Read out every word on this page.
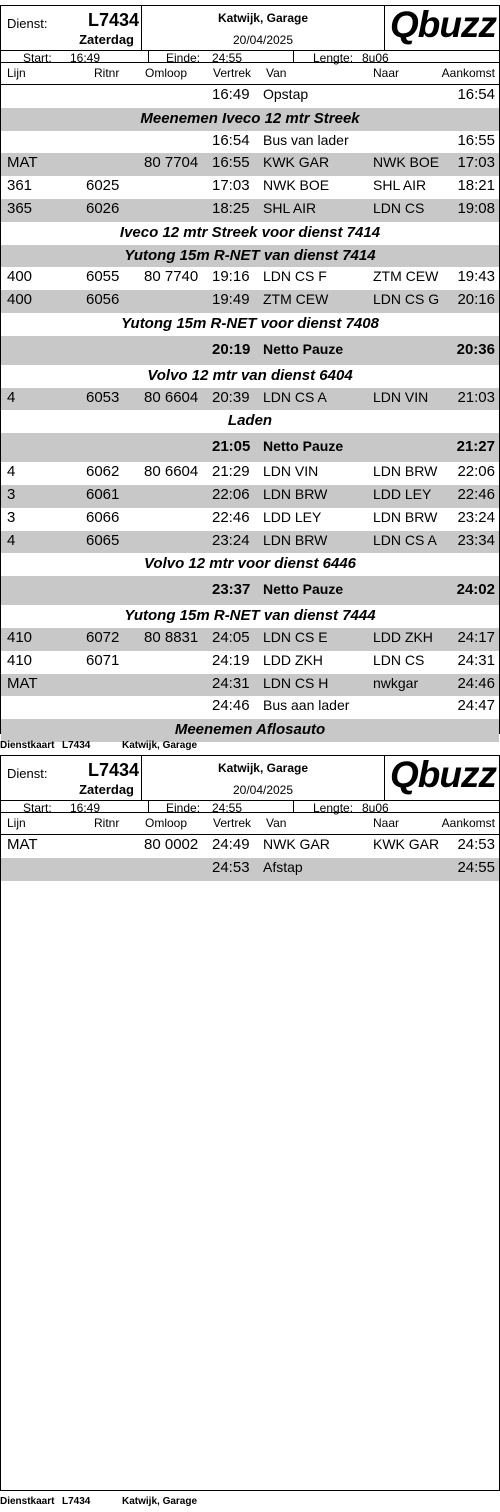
Dienst:	L7434
Zaterdag
Katwijk, Garage
20/04/2025	Qbuzz
Start: 16:49	Einde: 24:55	Lengte: 8u06
Lijn	Ritnr Omloop Vertrek Van	Naar	Aankomst
16:49 Opstap	16:54
Meenemen Iveco 12 mtr Streek
16:54 Bus van lader	16:55
MAT	80 7704 16:55 KWK GAR	NWK BOE 17:03
361	6025	17:03 NWK BOE	SHL AIR 18:21
365	6026	18:25 SHL AIR	LDN CS 19:08
Iveco 12 mtr Streek voor dienst 7414
Yutong 15m R-NET van dienst 7414
400	6055 80 7740 19:16 LDN CS F	ZTM CEW 19:43
400	6056	19:49 ZTM CEW	LDN CS G 20:16
Yutong 15m R-NET voor dienst 7408
20:19 Netto Pauze	20:36
Volvo 12 mtr van dienst 6404
4	6053 80 6604 20:39 LDN CS A	LDN VIN 21:03
Laden
21:05 Netto Pauze	21:27
4	6062 80 6604 21:29 LDN VIN	LDN BRW 22:06
3	6061	22:06 LDN BRW	LDD LEY 22:46
3	6066	22:46 LDD LEY	LDN BRW 23:24
4	6065	23:24 LDN BRW	LDN CS A 23:34
Volvo 12 mtr voor dienst 6446
23:37 Netto Pauze	24:02
Yutong 15m R-NET van dienst 7444
410	6072 80 8831 24:05 LDN CS E	LDD ZKH 24:17
410	6071	24:19 LDD ZKH	LDN CS 24:31
MAT	24:31 LDN CS H	nwkgar	24:46
24:46 Bus aan lader	24:47
Meenemen Aflosauto
Dienstkaart L7434	Katwijk, Garage
Dienst:	L7434
Zaterdag
Katwijk, Garage
20/04/2025	Qbuzz
Start: 16:49	Einde: 24:55	Lengte: 8u06
Lijn	Ritnr Omloop Vertrek Van	Naar	Aankomst
MAT	80 0002 24:49 NWK GAR	KWK GAR 24:53
24:53 Afstap	24:55
Dienstkaart L7434	Katwijk, Garage
